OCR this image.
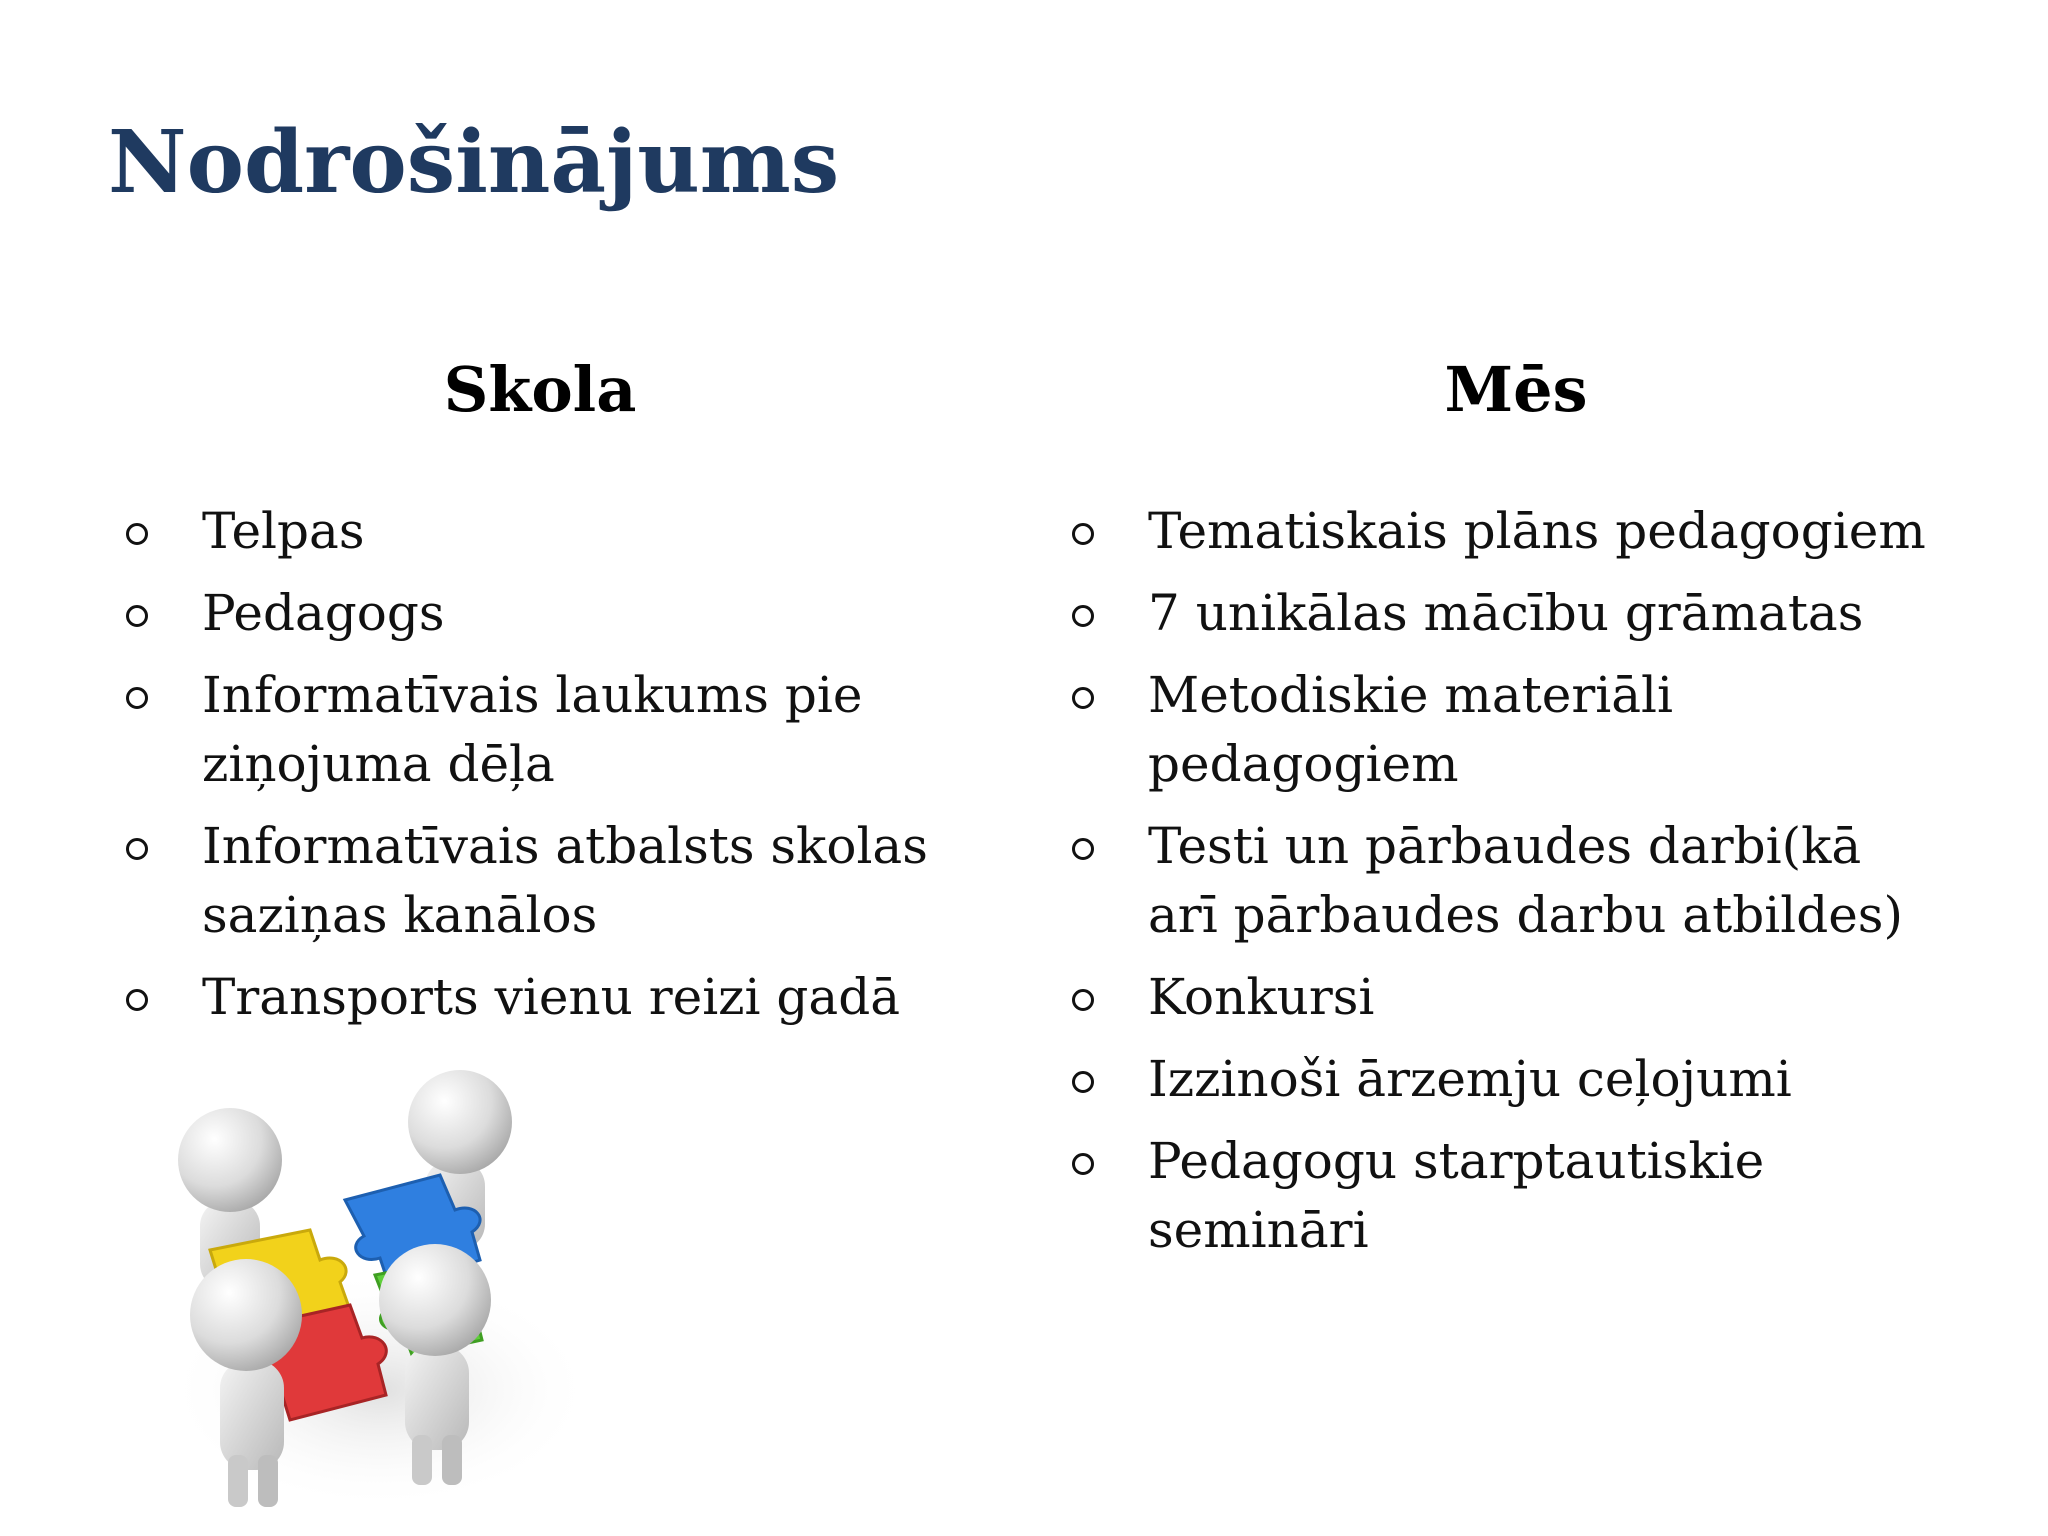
Nodrošinājums
Skola
Telpas
Pedagogs
Informatīvais laukums pie ziņojuma dēļa
Informatīvais atbalsts skolas saziņas kanālos
Transports vienu reizi gadā
Mēs
Tematiskais plāns pedagogiem
7 unikālas mācību grāmatas
Metodiskie materiāli pedagogiem
Testi un pārbaudes darbi(kā arī pārbaudes darbu atbildes)
Konkursi
Izzinoši ārzemju ceļojumi
Pedagogu starptautiskie semināri
